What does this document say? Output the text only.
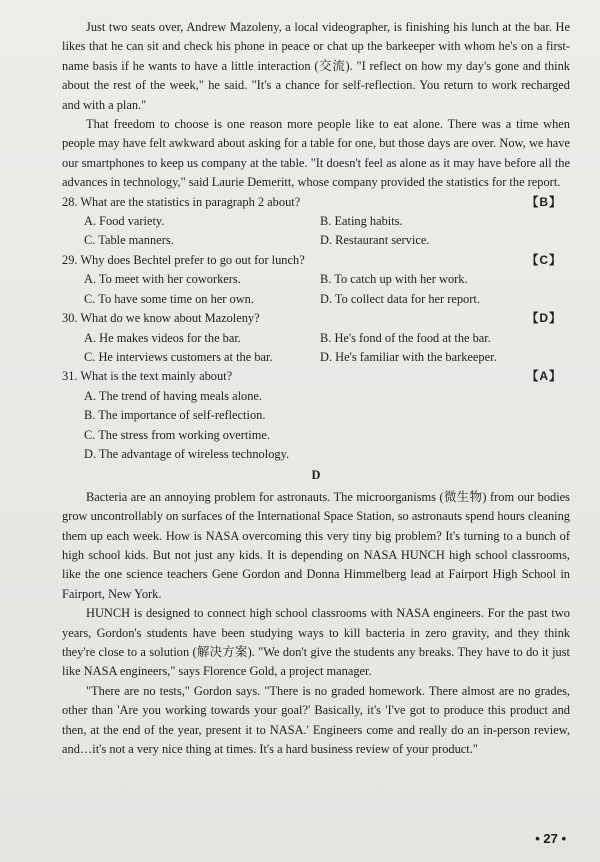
Just two seats over, Andrew Mazoleny, a local videographer, is finishing his lunch at the bar. He likes that he can sit and check his phone in peace or chat up the barkeeper with whom he's on a first-name basis if he wants to have a little interaction (交流). "I reflect on how my day's gone and think about the rest of the week," he said. "It's a chance for self-reflection. You return to work recharged and with a plan."

That freedom to choose is one reason more people like to eat alone. There was a time when people may have felt awkward about asking for a table for one, but those days are over. Now, we have our smartphones to keep us company at the table. "It doesn't feel as alone as it may have before all the advances in technology," said Laurie Demeritt, whose company provided the statistics for the report.

28. What are the statistics in paragraph 2 about?	【B】
A. Food variety.	B. Eating habits.
C. Table manners.	D. Restaurant service.
29. Why does Bechtel prefer to go out for lunch?	【C】
A. To meet with her coworkers.	B. To catch up with her work.
C. To have some time on her own.	D. To collect data for her report.
30. What do we know about Mazoleny?	【D】
A. He makes videos for the bar.	B. He's fond of the food at the bar.
C. He interviews customers at the bar.	D. He's familiar with the barkeeper.
31. What is the text mainly about?	【A】
A. The trend of having meals alone.
B. The importance of self-reflection.
C. The stress from working overtime.
D. The advantage of wireless technology.
D

Bacteria are an annoying problem for astronauts. The microorganisms (微生物) from our bodies grow uncontrollably on surfaces of the International Space Station, so astronauts spend hours cleaning them up each week. How is NASA overcoming this very tiny big problem? It's turning to a bunch of high school kids. But not just any kids. It is depending on NASA HUNCH high school classrooms, like the one science teachers Gene Gordon and Donna Himmelberg lead at Fairport High School in Fairport, New York.

HUNCH is designed to connect high school classrooms with NASA engineers. For the past two years, Gordon's students have been studying ways to kill bacteria in zero gravity, and they think they're close to a solution (解决方案). "We don't give the students any breaks. They have to do it just like NASA engineers," says Florence Gold, a project manager.

"There are no tests," Gordon says. "There is no graded homework. There almost are no grades, other than 'Are you working towards your goal?' Basically, it's 'I've got to produce this product and then, at the end of the year, present it to NASA.' Engineers come and really do an in-person review, and…it's not a very nice thing at times. It's a hard business review of your product."

• 27 •
